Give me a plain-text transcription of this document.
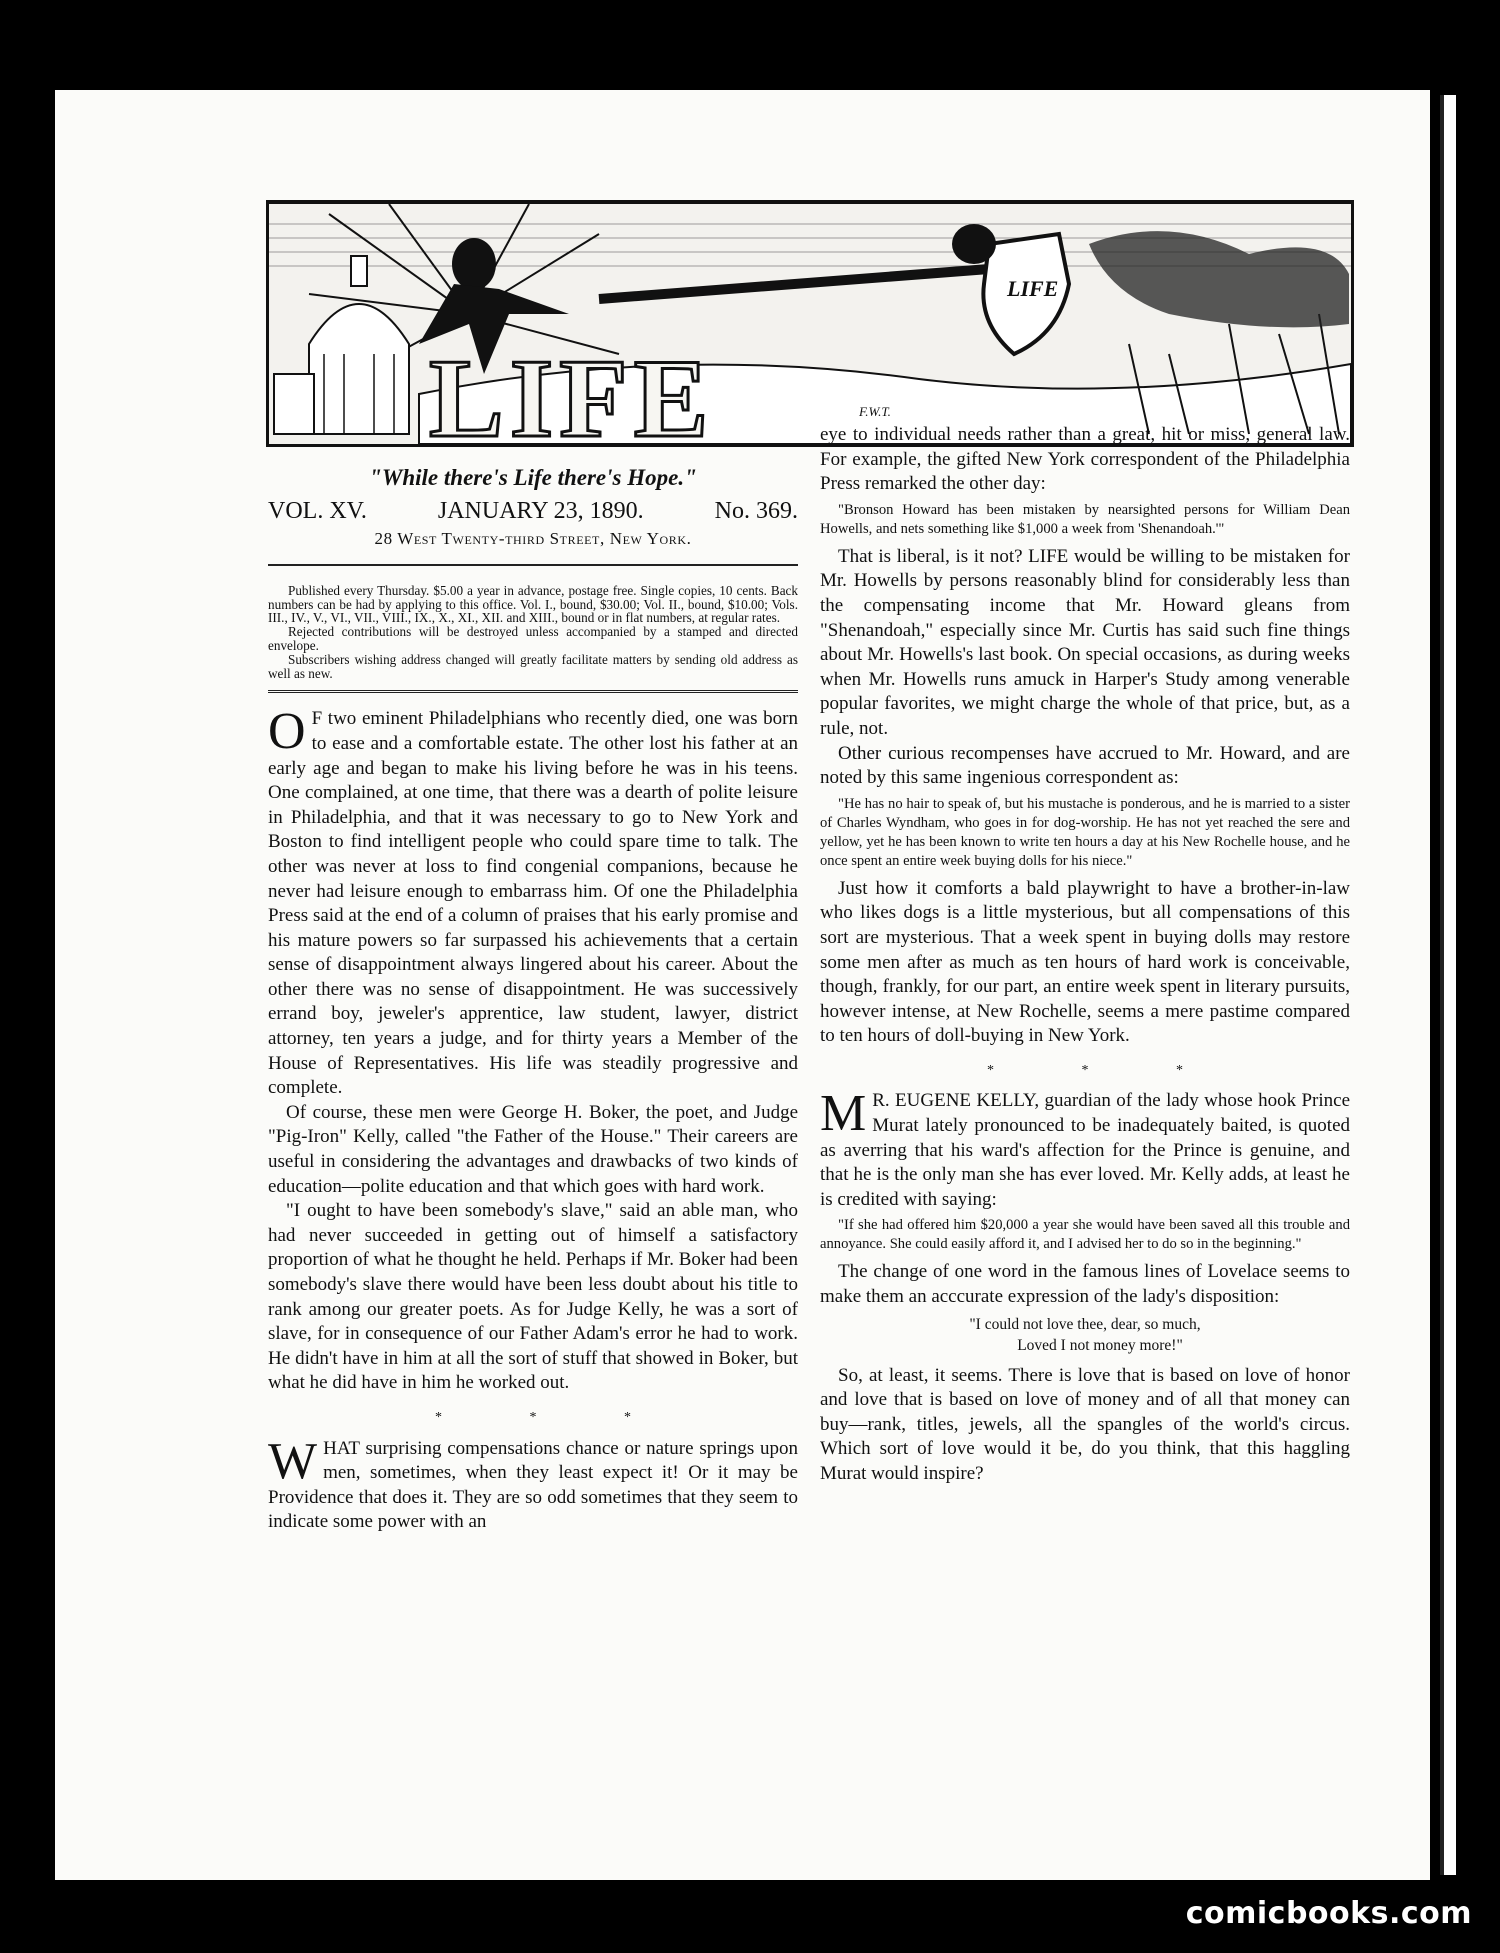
LIFE
F.W.T.
LIFE
"While there's Life there's Hope."
VOL. XV.	JANUARY 23, 1890.	No. 369.
28 West Twenty-third Street, New York.

Published every Thursday. $5.00 a year in advance, postage free. Single copies, 10 cents. Back numbers can be had by applying to this office. Vol. I., bound, $30.00; Vol. II., bound, $10.00; Vols. III., IV., V., VI., VII., VIII., IX., X., XI., XII. and XIII., bound or in flat numbers, at regular rates.

Rejected contributions will be destroyed unless accompanied by a stamped and directed envelope.

Subscribers wishing address changed will greatly facilitate matters by sending old address as well as new.

O F two eminent Philadelphians who recently died, one was born to ease and a comfortable estate. The other lost his father at an early age and began to make his living before he was in his teens. One complained, at one time, that there was a dearth of polite leisure in Philadelphia, and that it was necessary to go to New York and Boston to find intelligent people who could spare time to talk. The other was never at loss to find congenial companions, because he never had leisure enough to embarrass him. Of one the Philadelphia Press said at the end of a column of praises that his early promise and his mature powers so far surpassed his achievements that a certain sense of disappointment always lingered about his career. About the other there was no sense of disappointment. He was successively errand boy, jeweler's apprentice, law student, lawyer, district attorney, ten years a judge, and for thirty years a Member of the House of Representatives. His life was steadily progressive and complete.

Of course, these men were George H. Boker, the poet, and Judge "Pig-Iron" Kelly, called "the Father of the House." Their careers are useful in considering the advantages and drawbacks of two kinds of education—polite education and that which goes with hard work.

"I ought to have been somebody's slave," said an able man, who had never succeeded in getting out of himself a satisfactory proportion of what he thought he held. Perhaps if Mr. Boker had been somebody's slave there would have been less doubt about his title to rank among our greater poets. As for Judge Kelly, he was a sort of slave, for in consequence of our Father Adam's error he had to work. He didn't have in him at all the sort of stuff that showed in Boker, but what he did have in him he worked out.

* * *

WHAT surprising compensations chance or nature springs upon men, sometimes, when they least expect it! Or it may be Providence that does it. They are so odd sometimes that they seem to indicate some power with an

eye to individual needs rather than a great, hit or miss, general law. For example, the gifted New York correspondent of the Philadelphia Press remarked the other day:

"Bronson Howard has been mistaken by nearsighted persons for William Dean Howells, and nets something like $1,000 a week from 'Shenandoah.'"

That is liberal, is it not? LIFE would be willing to be mistaken for Mr. Howells by persons reasonably blind for considerably less than the compensating income that Mr. Howard gleans from "Shenandoah," especially since Mr. Curtis has said such fine things about Mr. Howells's last book. On special occasions, as during weeks when Mr. Howells runs amuck in Harper's Study among venerable popular favorites, we might charge the whole of that price, but, as a rule, not.

Other curious recompenses have accrued to Mr. Howard, and are noted by this same ingenious correspondent as:

"He has no hair to speak of, but his mustache is ponderous, and he is married to a sister of Charles Wyndham, who goes in for dog-worship. He has not yet reached the sere and yellow, yet he has been known to write ten hours a day at his New Rochelle house, and he once spent an entire week buying dolls for his niece."

Just how it comforts a bald playwright to have a brother-in-law who likes dogs is a little mysterious, but all compensations of this sort are mysterious. That a week spent in buying dolls may restore some men after as much as ten hours of hard work is conceivable, though, frankly, for our part, an entire week spent in literary pursuits, however intense, at New Rochelle, seems a mere pastime compared to ten hours of doll-buying in New York.

* * *

M R. EUGENE KELLY, guardian of the lady whose hook Prince Murat lately pronounced to be inadequately baited, is quoted as averring that his ward's affection for the Prince is genuine, and that he is the only man she has ever loved. Mr. Kelly adds, at least he is credited with saying:

"If she had offered him $20,000 a year she would have been saved all this trouble and annoyance. She could easily afford it, and I advised her to do so in the beginning."

The change of one word in the famous lines of Lovelace seems to make them an acccurate expression of the lady's disposition:

"I could not love thee, dear, so much,
Loved I not money more!"

So, at least, it seems. There is love that is based on love of honor and love that is based on love of money and of all that money can buy—rank, titles, jewels, all the spangles of the world's circus. Which sort of love would it be, do you think, that this haggling Murat would inspire?

comicbooks.com
